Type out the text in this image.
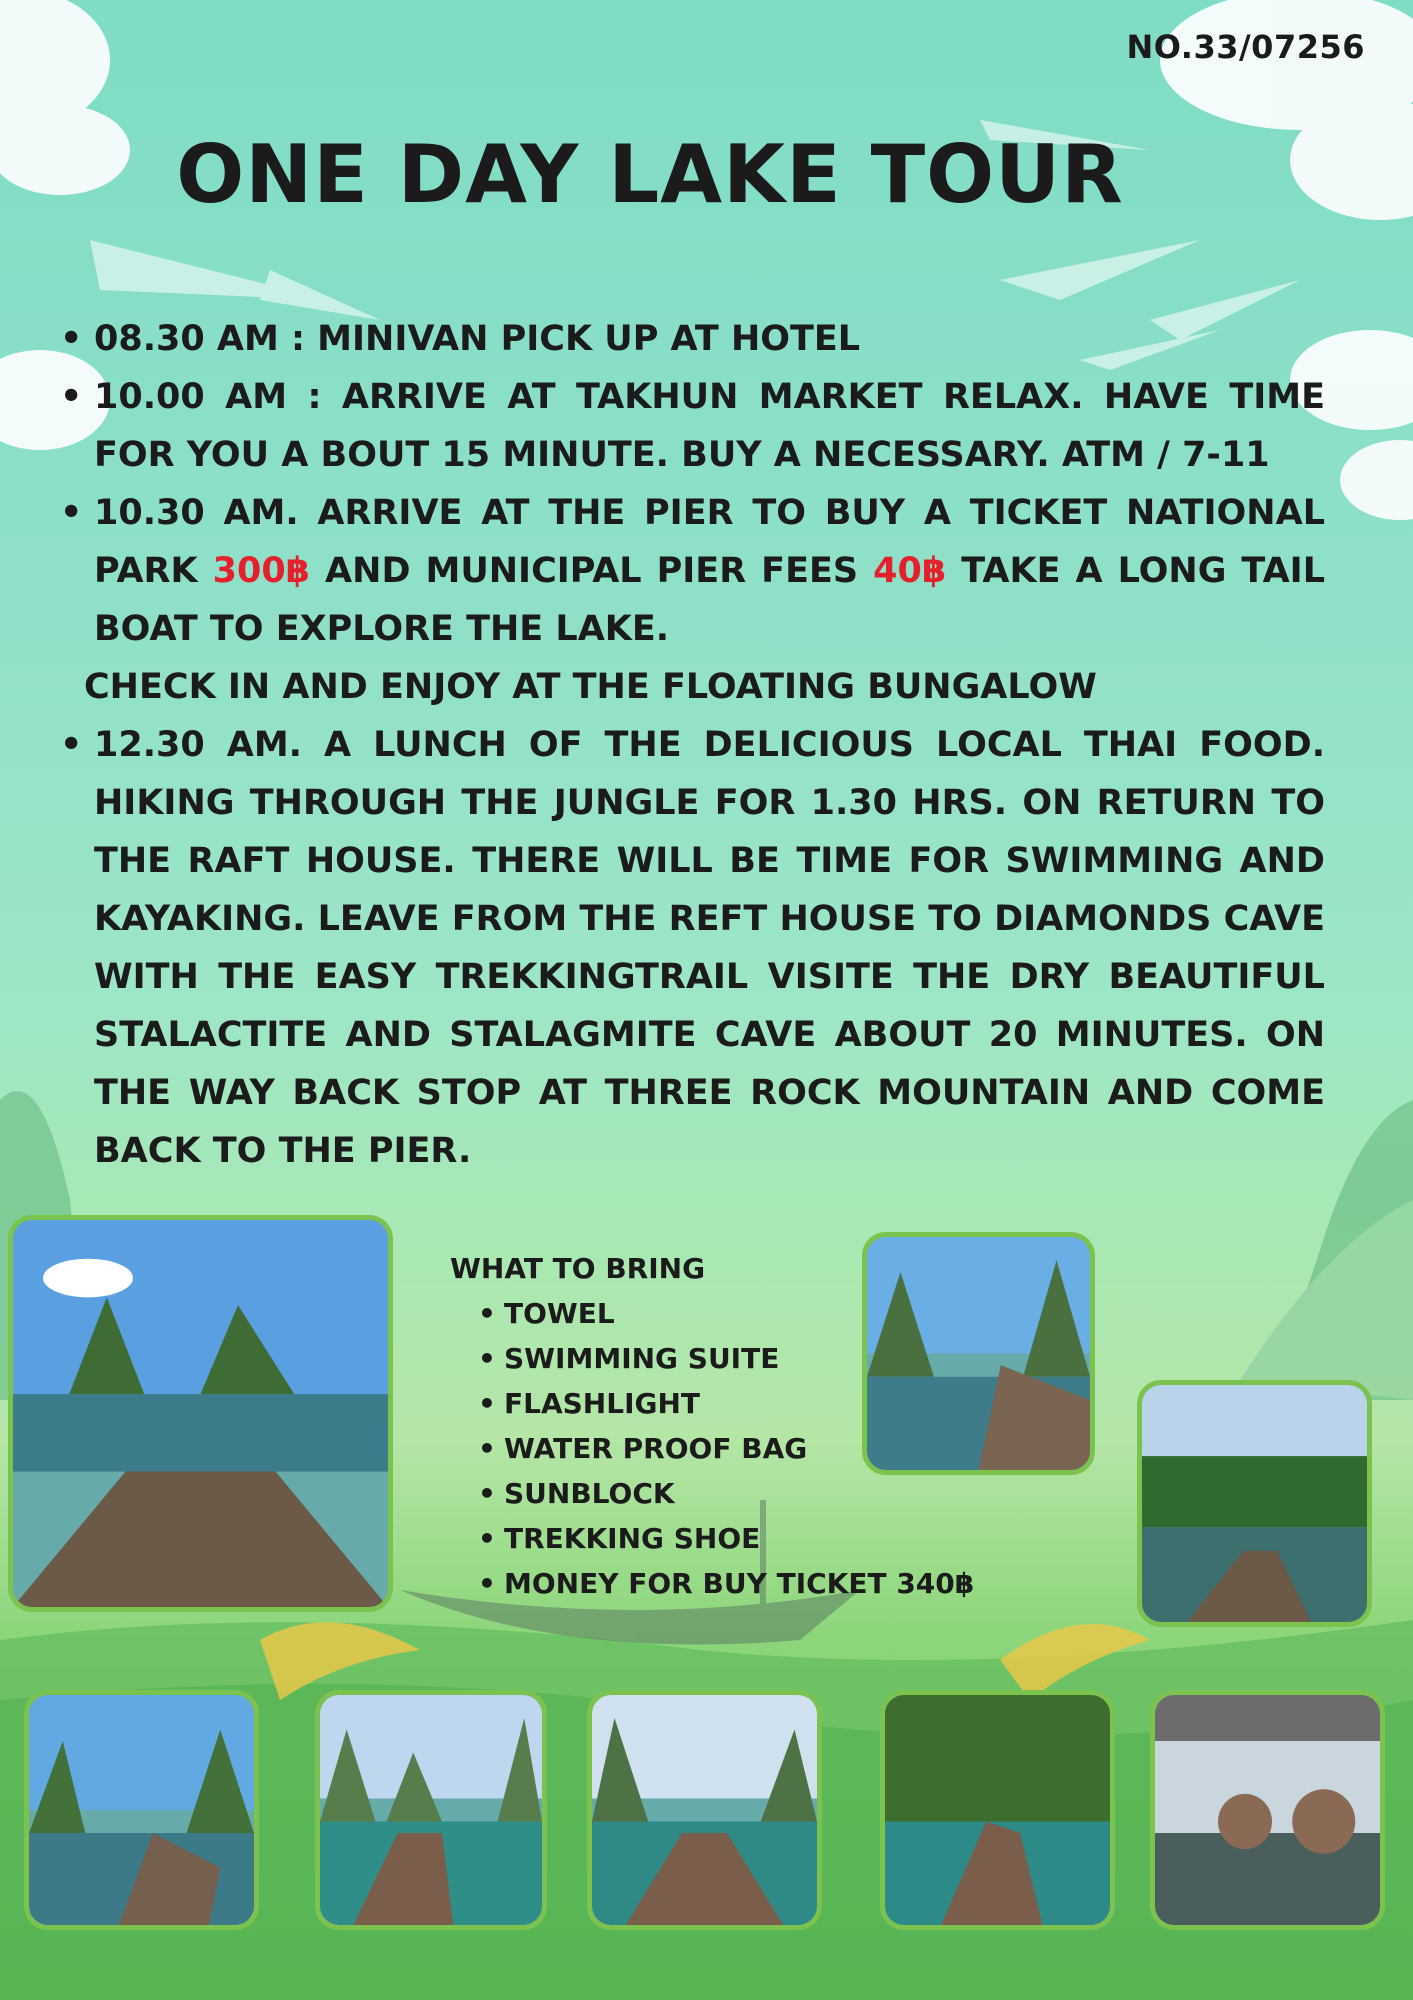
NO.33/07256
ONE DAY LAKE TOUR
• 08.30 AM : MINIVAN PICK UP AT HOTEL
• 10.00 AM : ARRIVE AT TAKHUN MARKET RELAX. HAVE TIME FOR YOU A BOUT 15 MINUTE. BUY A NECESSARY. ATM / 7-11
• 10.30 AM. ARRIVE AT THE PIER TO BUY A TICKET NATIONAL PARK 300฿ AND MUNICIPAL PIER FEES 40฿ TAKE A LONG TAIL BOAT TO EXPLORE THE LAKE.
CHECK IN AND ENJOY AT THE FLOATING BUNGALOW
• 12.30 AM. A LUNCH OF THE DELICIOUS LOCAL THAI FOOD. HIKING THROUGH THE JUNGLE FOR 1.30 HRS. ON RETURN TO THE RAFT HOUSE. THERE WILL BE TIME FOR SWIMMING AND KAYAKING. LEAVE FROM THE REFT HOUSE TO DIAMONDS CAVE WITH THE EASY TREKKINGTRAIL VISITE THE DRY BEAUTIFUL STALACTITE AND STALAGMITE CAVE ABOUT 20 MINUTES. ON THE WAY BACK STOP AT THREE ROCK MOUNTAIN AND COME BACK TO THE PIER.
WHAT TO BRING
• TOWEL
• SWIMMING SUITE
• FLASHLIGHT
• WATER PROOF BAG
• SUNBLOCK
• TREKKING SHOE
• MONEY FOR BUY TICKET 340฿
